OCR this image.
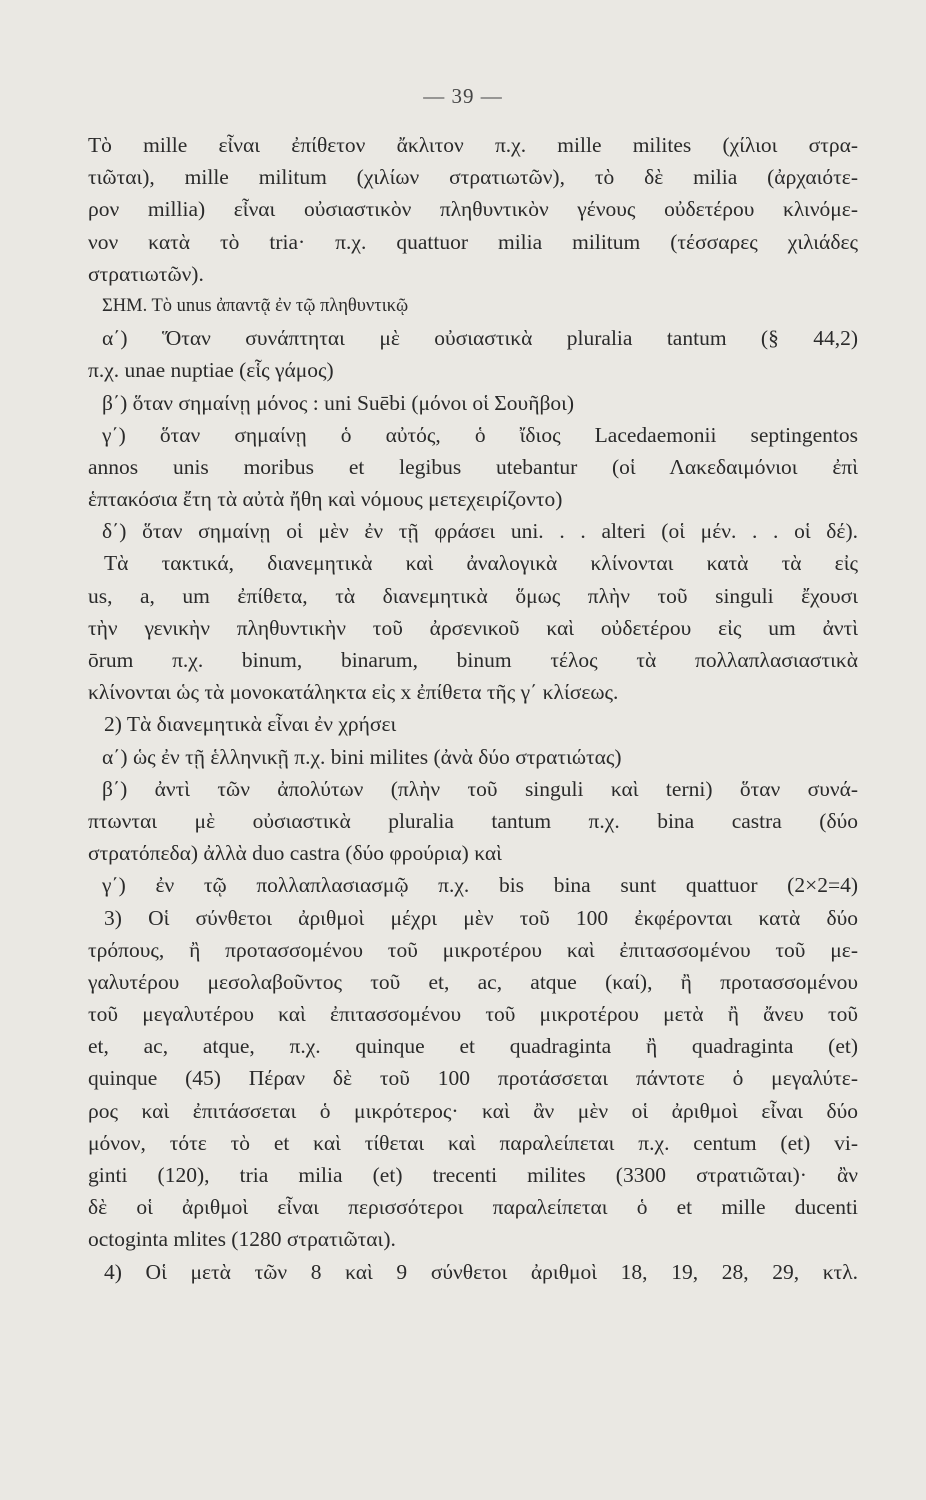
— 39 —
Τὸ mille εἶναι ἐπίθετον ἄκλιτον π.χ. mille milites (χίλιοι στρα-
τιῶται), mille militum (χιλίων στρατιωτῶν), τὸ δὲ milia (ἀρχαιότε-
ρον millia) εἶναι οὐσιαστικὸν πληθυντικὸν γένους οὐδετέρου κλινόμε-
νον κατὰ τὸ tria· π.χ. quattuor milia militum (τέσσαρες χιλιάδες
στρατιωτῶν).
ΣΗΜ. Τὸ unus ἀπαντᾷ ἐν τῷ πληθυντικῷ
α΄) Ὅταν συνάπτηται μὲ οὐσιαστικὰ pluralia tantum (§ 44,2)
π.χ. unae nuptiae (εἷς γάμος)
β΄) ὅταν σημαίνῃ μόνος : uni Suēbi (μόνοι οἱ Σουῆβοι)
γ΄) ὅταν σημαίνῃ ὁ αὐτός, ὁ ἴδιος Lacedaemonii septingentos
annos unis moribus et legibus utebantur (οἱ Λακεδαιμόνιοι ἐπὶ
ἑπτακόσια ἔτη τὰ αὐτὰ ἤθη καὶ νόμους μετεχειρίζοντο)
δ΄) ὅταν σημαίνῃ οἱ μὲν ἐν τῇ φράσει uni. . . alteri (οἱ μέν. . . οἱ δέ).
Τὰ τακτικά, διανεμητικὰ καὶ ἀναλογικὰ κλίνονται κατὰ τὰ εἰς
us, a, um ἐπίθετα, τὰ διανεμητικὰ ὅμως πλὴν τοῦ singuli ἔχουσι
τὴν γενικὴν πληθυντικὴν τοῦ ἀρσενικοῦ καὶ οὐδετέρου εἰς um ἀντὶ
ōrum π.χ. binum, binarum, binum τέλος τὰ πολλαπλασιαστικὰ
κλίνονται ὡς τὰ μονοκατάληκτα εἰς x ἐπίθετα τῆς γ΄ κλίσεως.
2) Τὰ διανεμητικὰ εἶναι ἐν χρήσει
α΄) ὡς ἐν τῇ ἑλληνικῇ π.χ. bini milites (ἀνὰ δύο στρατιώτας)
β΄) ἀντὶ τῶν ἀπολύτων (πλὴν τοῦ singuli καὶ terni) ὅταν συνά-
πτωνται μὲ οὐσιαστικὰ pluralia tantum π.χ. bina castra (δύο
στρατόπεδα) ἀλλὰ duo castra (δύο φρούρια) καὶ
γ΄) ἐν τῷ πολλαπλασιασμῷ π.χ. bis bina sunt quattuor (2×2=4)
3) Οἱ σύνθετοι ἀριθμοὶ μέχρι μὲν τοῦ 100 ἐκφέρονται κατὰ δύο
τρόπους, ἢ προτασσομένου τοῦ μικροτέρου καὶ ἐπιτασσομένου τοῦ με-
γαλυτέρου μεσολαβοῦντος τοῦ et, ac, atque (καί), ἢ προτασσομένου
τοῦ μεγαλυτέρου καὶ ἐπιτασσομένου τοῦ μικροτέρου μετὰ ἢ ἄνευ τοῦ
et, ac, atque, π.χ. quinque et quadraginta ἢ quadraginta (et)
quinque (45) Πέραν δὲ τοῦ 100 προτάσσεται πάντοτε ὁ μεγαλύτε-
ρος καὶ ἐπιτάσσεται ὁ μικρότερος· καὶ ἂν μὲν οἱ ἀριθμοὶ εἶναι δύο
μόνον, τότε τὸ et καὶ τίθεται καὶ παραλείπεται π.χ. centum (et) vi-
ginti (120), tria milia (et) trecenti milites (3300 στρατιῶται)· ἂν
δὲ οἱ ἀριθμοὶ εἶναι περισσότεροι παραλείπεται ὁ et mille ducenti
octoginta mlites (1280 στρατιῶται).
4) Οἱ μετὰ τῶν 8 καὶ 9 σύνθετοι ἀριθμοὶ 18, 19, 28, 29, κτλ.
